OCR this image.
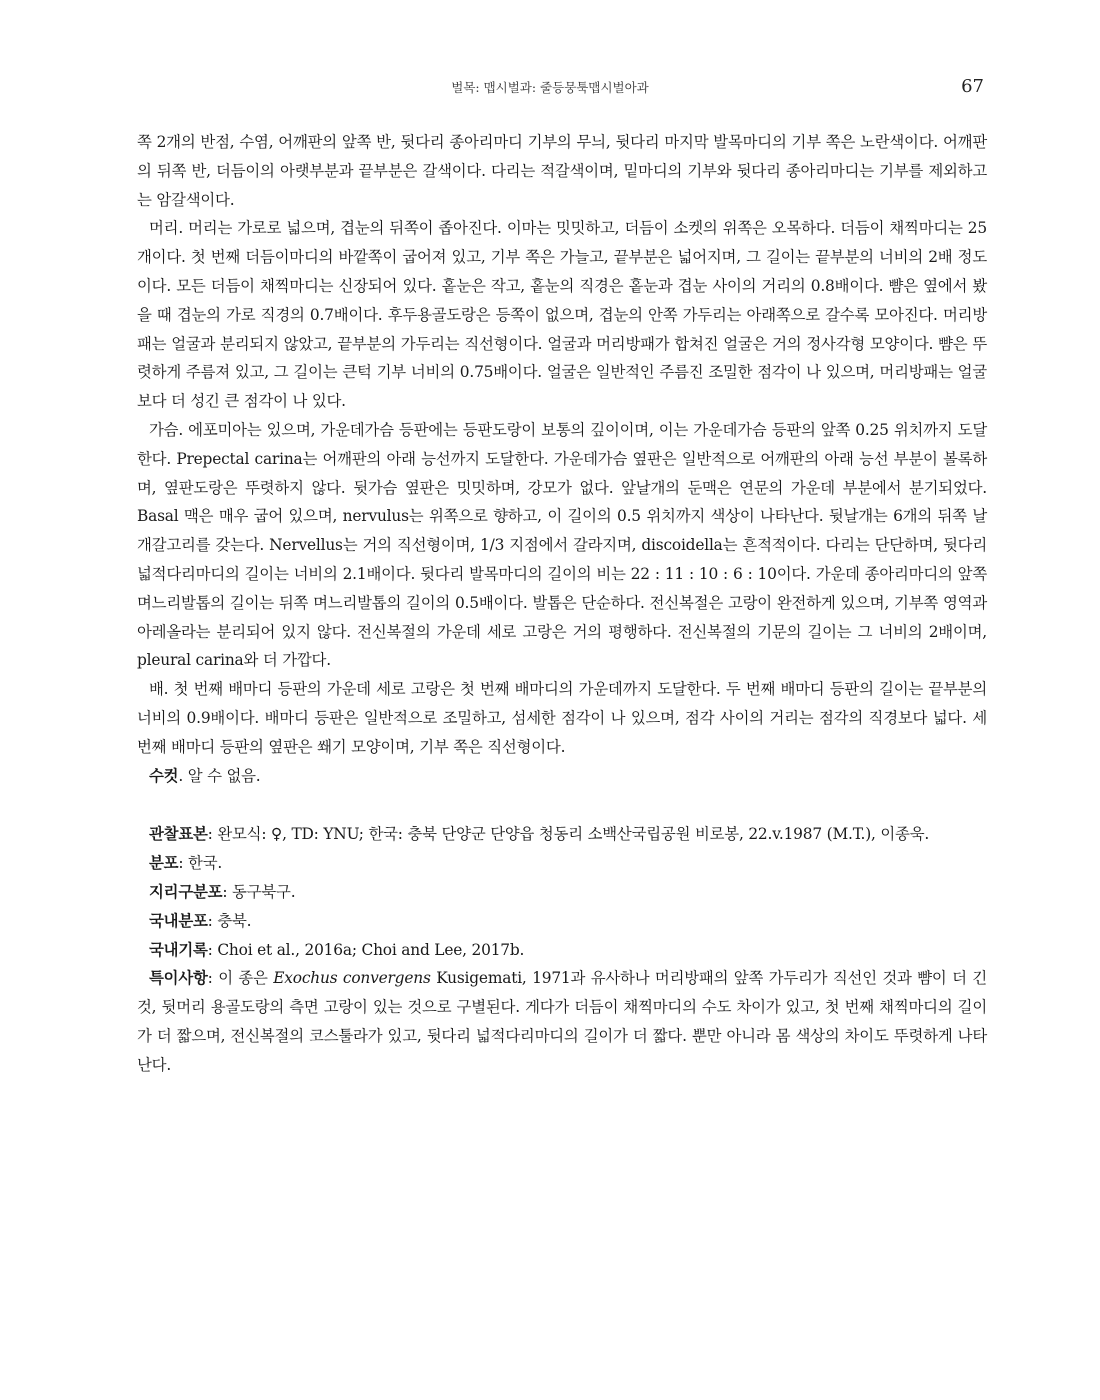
벌목: 맵시벌과: 줄등뭉툭맵시벌아과	67

쪽 2개의 반점, 수염, 어깨판의 앞쪽 반, 뒷다리 종아리마디 기부의 무늬, 뒷다리 마지막 발목마디의 기부 쪽은 노란색이다. 어깨판의 뒤쪽 반, 더듬이의 아랫부분과 끝부분은 갈색이다. 다리는 적갈색이며, 밑마디의 기부와 뒷다리 종아리마디는 기부를 제외하고는 암갈색이다.

머리. 머리는 가로로 넓으며, 겹눈의 뒤쪽이 좁아진다. 이마는 밋밋하고, 더듬이 소켓의 위쪽은 오목하다. 더듬이 채찍마디는 25개이다. 첫 번째 더듬이마디의 바깥쪽이 굽어져 있고, 기부 쪽은 가늘고, 끝부분은 넓어지며, 그 길이는 끝부분의 너비의 2배 정도이다. 모든 더듬이 채찍마디는 신장되어 있다. 홑눈은 작고, 홑눈의 직경은 홑눈과 겹눈 사이의 거리의 0.8배이다. 뺨은 옆에서 봤을 때 겹눈의 가로 직경의 0.7배이다. 후두용골도랑은 등쪽이 없으며, 겹눈의 안쪽 가두리는 아래쪽으로 갈수록 모아진다. 머리방패는 얼굴과 분리되지 않았고, 끝부분의 가두리는 직선형이다. 얼굴과 머리방패가 합쳐진 얼굴은 거의 정사각형 모양이다. 뺨은 뚜렷하게 주름져 있고, 그 길이는 큰턱 기부 너비의 0.75배이다. 얼굴은 일반적인 주름진 조밀한 점각이 나 있으며, 머리방패는 얼굴보다 더 성긴 큰 점각이 나 있다.

가슴. 에포미아는 있으며, 가운데가슴 등판에는 등판도랑이 보통의 깊이이며, 이는 가운데가슴 등판의 앞쪽 0.25 위치까지 도달한다. Prepectal carina는 어깨판의 아래 능선까지 도달한다. 가운데가슴 옆판은 일반적으로 어깨판의 아래 능선 부분이 볼록하며, 옆판도랑은 뚜렷하지 않다. 뒷가슴 옆판은 밋밋하며, 강모가 없다. 앞날개의 둔맥은 연문의 가운데 부분에서 분기되었다. Basal 맥은 매우 굽어 있으며, nervulus는 위쪽으로 향하고, 이 길이의 0.5 위치까지 색상이 나타난다. 뒷날개는 6개의 뒤쪽 날개갈고리를 갖는다. Nervellus는 거의 직선형이며, 1/3 지점에서 갈라지며, discoidella는 흔적적이다. 다리는 단단하며, 뒷다리 넓적다리마디의 길이는 너비의 2.1배이다. 뒷다리 발목마디의 길이의 비는 22 : 11 : 10 : 6 : 10이다. 가운데 종아리마디의 앞쪽 며느리발톱의 길이는 뒤쪽 며느리발톱의 길이의 0.5배이다. 발톱은 단순하다. 전신복절은 고랑이 완전하게 있으며, 기부쪽 영역과 아레올라는 분리되어 있지 않다. 전신복절의 가운데 세로 고랑은 거의 평행하다. 전신복절의 기문의 길이는 그 너비의 2배이며, pleural carina와 더 가깝다.

배. 첫 번째 배마디 등판의 가운데 세로 고랑은 첫 번째 배마디의 가운데까지 도달한다. 두 번째 배마디 등판의 길이는 끝부분의 너비의 0.9배이다. 배마디 등판은 일반적으로 조밀하고, 섬세한 점각이 나 있으며, 점각 사이의 거리는 점각의 직경보다 넓다. 세 번째 배마디 등판의 옆판은 쐐기 모양이며, 기부 쪽은 직선형이다.

수컷. 알 수 없음.

관찰표본: 완모식: ♀, TD: YNU; 한국: 충북 단양군 단양읍 청동리 소백산국립공원 비로봉, 22.v.1987 (M.T.), 이종욱.

분포: 한국.

지리구분포: 동구북구.

국내분포: 충북.

국내기록: Choi et al., 2016a; Choi and Lee, 2017b.

특이사항: 이 종은 Exochus convergens Kusigemati, 1971과 유사하나 머리방패의 앞쪽 가두리가 직선인 것과 뺨이 더 긴 것, 뒷머리 용골도랑의 측면 고랑이 있는 것으로 구별된다. 게다가 더듬이 채찍마디의 수도 차이가 있고, 첫 번째 채찍마디의 길이가 더 짧으며, 전신복절의 코스툴라가 있고, 뒷다리 넓적다리마디의 길이가 더 짧다. 뿐만 아니라 몸 색상의 차이도 뚜렷하게 나타난다.
